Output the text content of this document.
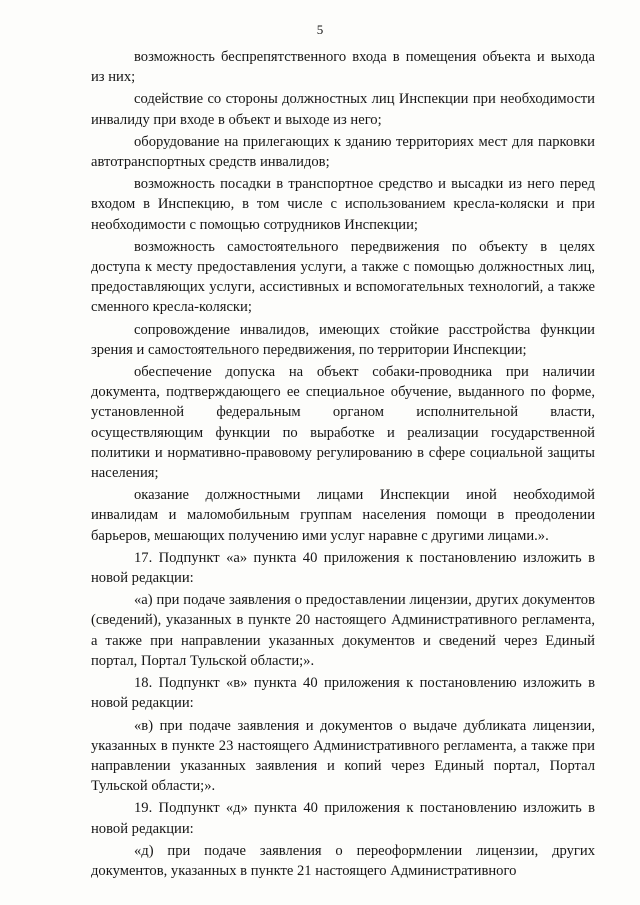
5

возможность беспрепятственного входа в помещения объекта и выхода из них;

содействие со стороны должностных лиц Инспекции при необходимости инвалиду при входе в объект и выходе из него;

оборудование на прилегающих к зданию территориях мест для парковки автотранспортных средств инвалидов;

возможность посадки в транспортное средство и высадки из него перед входом в Инспекцию, в том числе с использованием кресла-коляски и при необходимости с помощью сотрудников Инспекции;

возможность самостоятельного передвижения по объекту в целях доступа к месту предоставления услуги, а также с помощью должностных лиц, предоставляющих услуги, ассистивных и вспомогательных технологий, а также сменного кресла-коляски;

сопровождение инвалидов, имеющих стойкие расстройства функции зрения и самостоятельного передвижения, по территории Инспекции;

обеспечение допуска на объект собаки-проводника при наличии документа, подтверждающего ее специальное обучение, выданного по форме, установленной федеральным органом исполнительной власти, осуществляющим функции по выработке и реализации государственной политики и нормативно-правовому регулированию в сфере социальной защиты населения;

оказание должностными лицами Инспекции иной необходимой инвалидам и маломобильным группам населения помощи в преодолении барьеров, мешающих получению ими услуг наравне с другими лицами.».

17. Подпункт «а» пункта 40 приложения к постановлению изложить в новой редакции:

«а) при подаче заявления о предоставлении лицензии, других документов (сведений), указанных в пункте 20 настоящего Административного регламента, а также при направлении указанных документов и сведений через Единый портал, Портал Тульской области;».

18. Подпункт «в» пункта 40 приложения к постановлению изложить в новой редакции:

«в) при подаче заявления и документов о выдаче дубликата лицензии, указанных в пункте 23 настоящего Административного регламента, а также при направлении указанных заявления и копий через Единый портал, Портал Тульской области;».

19. Подпункт «д» пункта 40 приложения к постановлению изложить в новой редакции:

«д) при подаче заявления о переоформлении лицензии, других документов, указанных в пункте 21 настоящего Административного
